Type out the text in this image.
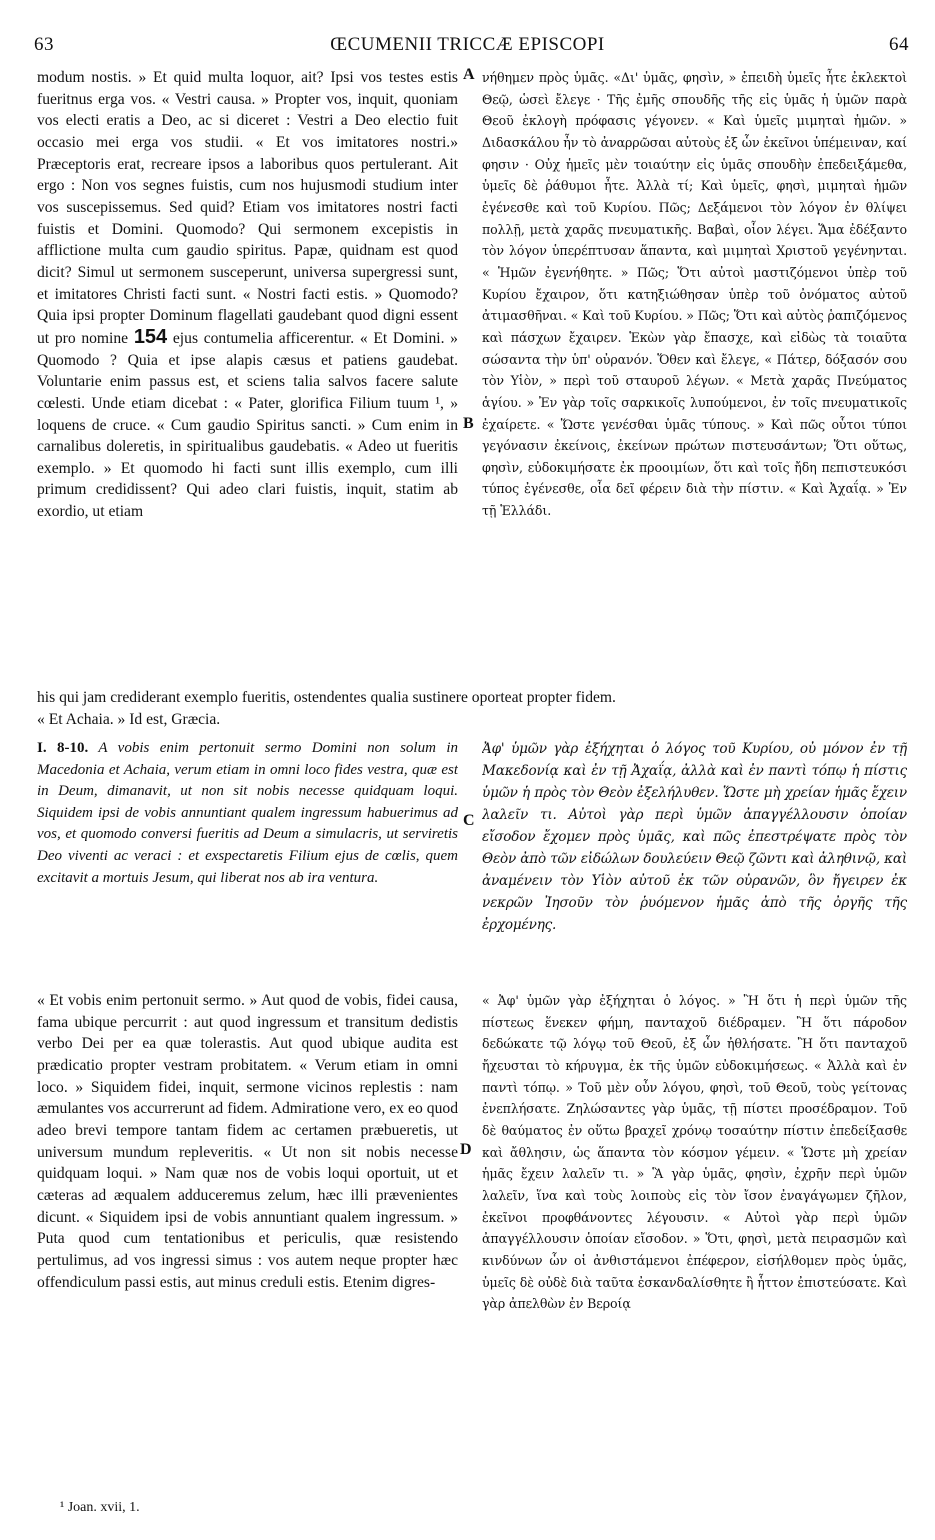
63	ŒCUMENII TRICCÆ EPISCOPI	64

modum nostis. » Et quid multa loquor, ait? Ipsi vos testes estis fueritnus erga vos. « Vestri causa. » Propter vos, inquit, quoniam vos electi eratis a Deo, ac si diceret : Vestri a Deo electio fuit occasio mei erga vos studii. « Et vos imitatores nostri.» Præceptoris erat, recreare ipsos a laboribus quos pertulerant. Ait ergo : Non vos segnes fuistis, cum nos hujusmodi studium inter vos suscepissemus. Sed quid? Etiam vos imitatores nostri facti fuistis et Domini. Quomodo? Qui sermonem excepistis in afflictione multa cum gaudio spiritus. Papæ, quidnam est quod dicit? Simul ut sermonem susceperunt, universa supergressi sunt, et imitatores Christi facti sunt. « Nostri facti estis. » Quomodo? Quia ipsi propter Dominum flagellati gaudebant quod digni essent ut pro nomine 154 ejus contumelia afficerentur. « Et Domini. » Quomodo ? Quia et ipse alapis cæsus et patiens gaudebat. Voluntarie enim passus est, et sciens talia salvos facere salute cœlesti. Unde etiam dicebat : « Pater, glorifica Filium tuum ¹, » loquens de cruce. « Cum gaudio Spiritus sancti. » Cum enim in carnalibus doleretis, in spiritualibus gaudebatis. « Adeo ut fueritis exemplo. » Et quomodo hi facti sunt illis exemplo, cum illi primum credidissent? Qui adeo clari fuistis, inquit, statim ab exordio, ut etiam

A
B

νήθημεν πρὸς ὑμᾶς. «Δι' ὑμᾶς, φησὶν, » ἐπειδὴ ὑμεῖς ἦτε ἐκλεκτοὶ Θεῷ, ὡσεὶ ἔλεγε · Τῆς ἐμῆς σπουδῆς τῆς εἰς ὑμᾶς ἡ ὑμῶν παρὰ Θεοῦ ἐκλογὴ πρόφασις γέγονεν. « Καὶ ὑμεῖς μιμηταὶ ἡμῶν. » Διδασκάλου ἦν τὸ ἀναρρῶσαι αὐτοὺς ἐξ ὧν ἐκεῖνοι ὑπέμειναν, καί φησιν · Οὐχ ἡμεῖς μὲν τοιαύτην εἰς ὑμᾶς σπουδὴν ἐπεδειξάμεθα, ὑμεῖς δὲ ῥάθυμοι ἦτε. Ἀλλὰ τί; Καὶ ὑμεῖς, φησὶ, μιμηταὶ ἡμῶν ἐγένεσθε καὶ τοῦ Κυρίου. Πῶς; Δεξάμενοι τὸν λόγον ἐν θλίψει πολλῇ, μετὰ χαρᾶς πνευματικῆς. Βαβαὶ, οἷον λέγει. Ἅμα ἐδέξαντο τὸν λόγον ὑπερέπτυσαν ἅπαντα, καὶ μιμηταὶ Χριστοῦ γεγένηνται. « Ἡμῶν ἐγενήθητε. » Πῶς; Ὅτι αὐτοὶ μαστιζόμενοι ὑπὲρ τοῦ Κυρίου ἔχαιρον, ὅτι κατηξιώθησαν ὑπὲρ τοῦ ὀνόματος αὐτοῦ ἀτιμασθῆναι. « Καὶ τοῦ Κυρίου. » Πῶς; Ὅτι καὶ αὐτὸς ῥαπιζόμενος καὶ πάσχων ἔχαιρεν. Ἑκὼν γὰρ ἔπασχε, καὶ εἰδὼς τὰ τοιαῦτα σώσαντα τὴν ὑπ' οὐρανόν. Ὅθεν καὶ ἔλεγε, « Πάτερ, δόξασόν σου τὸν Υἱὸν, » περὶ τοῦ σταυροῦ λέγων. « Μετὰ χαρᾶς Πνεύματος ἁγίου. » Ἐν γὰρ τοῖς σαρκικοῖς λυπούμενοι, ἐν τοῖς πνευματικοῖς ἐχαίρετε. « Ὥστε γενέσθαι ὑμᾶς τύπους. » Καὶ πῶς οὗτοι τύποι γεγόνασιν ἐκείνοις, ἐκείνων πρώτων πιστευσάντων; Ὅτι οὕτως, φησὶν, εὐδοκιμήσατε ἐκ προοιμίων, ὅτι καὶ τοῖς ἤδη πεπιστευκόσι τύπος ἐγένεσθε, οἷα δεῖ φέρειν διὰ τὴν πίστιν. « Καὶ Ἀχαΐᾳ. » Ἐν τῇ Ἑλλάδι.

his qui jam crediderant exemplo fueritis, ostendentes qualia sustinere oporteat propter fidem.
« Et Achaia. » Id est, Græcia.

I. 8-10. A vobis enim pertonuit sermo Domini non solum in Macedonia et Achaia, verum etiam in omni loco fides vestra, quæ est in Deum, dimanavit, ut non sit nobis necesse quidquam loqui. Siquidem ipsi de vobis annuntiant qualem ingressum habuerimus ad vos, et quomodo conversi fueritis ad Deum a simulacris, ut serviretis Deo viventi ac veraci : et exspectaretis Filium ejus de cœlis, quem excitavit a mortuis Jesum, qui liberat nos ab ira ventura.

C

Ἀφ' ὑμῶν γὰρ ἐξήχηται ὁ λόγος τοῦ Κυρίου, οὐ μόνον ἐν τῇ Μακεδονίᾳ καὶ ἐν τῇ Ἀχαΐᾳ, ἀλλὰ καὶ ἐν παντὶ τόπῳ ἡ πίστις ὑμῶν ἡ πρὸς τὸν Θεὸν ἐξελήλυθεν. Ὥστε μὴ χρείαν ἡμᾶς ἔχειν λαλεῖν τι. Αὐτοὶ γὰρ περὶ ὑμῶν ἀπαγγέλλουσιν ὁποίαν εἴσοδον ἔχομεν πρὸς ὑμᾶς, καὶ πῶς ἐπεστρέψατε πρὸς τὸν Θεὸν ἀπὸ τῶν εἰδώλων δουλεύειν Θεῷ ζῶντι καὶ ἀληθινῷ, καὶ ἀναμένειν τὸν Υἱὸν αὐτοῦ ἐκ τῶν οὐρανῶν, ὃν ἤγειρεν ἐκ νεκρῶν Ἰησοῦν τὸν ῥυόμενον ἡμᾶς ἀπὸ τῆς ὀργῆς τῆς ἐρχομένης.

« Et vobis enim pertonuit sermo. » Aut quod de vobis, fidei causa, fama ubique percurrit : aut quod ingressum et transitum dedistis verbo Dei per ea quæ tolerastis. Aut quod ubique audita est prædicatio propter vestram probitatem. « Verum etiam in omni loco. » Siquidem fidei, inquit, sermone vicinos replestis : nam æmulantes vos accurrerunt ad fidem. Admiratione vero, ex eo quod adeo brevi tempore tantam fidem ac certamen præbueretis, ut universum mundum repleveritis. « Ut non sit nobis necesse quidquam loqui. » Nam quæ nos de vobis loqui oportuit, ut et cæteras ad æqualem adduceremus zelum, hæc illi prævenientes dicunt. « Siquidem ipsi de vobis annuntiant qualem ingressum. » Puta quod cum tentationibus et periculis, quæ resistendo pertulimus, ad vos ingressi simus : vos autem neque propter hæc offendiculum passi estis, aut minus creduli estis. Etenim digres-

D

« Ἀφ' ὑμῶν γὰρ ἐξήχηται ὁ λόγος. » Ἢ ὅτι ἡ περὶ ὑμῶν τῆς πίστεως ἕνεκεν φήμη, πανταχοῦ διέδραμεν. Ἢ ὅτι πάροδον δεδώκατε τῷ λόγῳ τοῦ Θεοῦ, ἐξ ὧν ἠθλήσατε. Ἢ ὅτι πανταχοῦ ἤχευσται τὸ κήρυγμα, ἐκ τῆς ὑμῶν εὐδοκιμήσεως. « Ἀλλὰ καὶ ἐν παντὶ τόπῳ. » Τοῦ μὲν οὖν λόγου, φησὶ, τοῦ Θεοῦ, τοὺς γείτονας ἐνεπλήσατε. Ζηλώσαντες γὰρ ὑμᾶς, τῇ πίστει προσέδραμον. Τοῦ δὲ θαύματος ἐν οὕτω βραχεῖ χρόνῳ τοσαύτην πίστιν ἐπεδείξασθε καὶ ἄθλησιν, ὡς ἅπαντα τὸν κόσμον γέμειν. « Ὥστε μὴ χρείαν ἡμᾶς ἔχειν λαλεῖν τι. » Ἃ γὰρ ὑμᾶς, φησὶν, ἐχρῆν περὶ ὑμῶν λαλεῖν, ἵνα καὶ τοὺς λοιποὺς εἰς τὸν ἴσον ἐναγάγωμεν ζῆλον, ἐκεῖνοι προφθάνοντες λέγουσιν. « Αὐτοὶ γὰρ περὶ ὑμῶν ἀπαγγέλλουσιν ὁποίαν εἴσοδον. » Ὅτι, φησὶ, μετὰ πειρασμῶν καὶ κινδύνων ὧν οἱ ἀνθιστάμενοι ἐπέφερον, εἰσήλθομεν πρὸς ὑμᾶς, ὑμεῖς δὲ οὐδὲ διὰ ταῦτα ἐσκανδαλίσθητε ἢ ἧττον ἐπιστεύσατε. Καὶ γὰρ ἀπελθὼν ἐν Βεροίᾳ

¹ Joan. xvii, 1.
